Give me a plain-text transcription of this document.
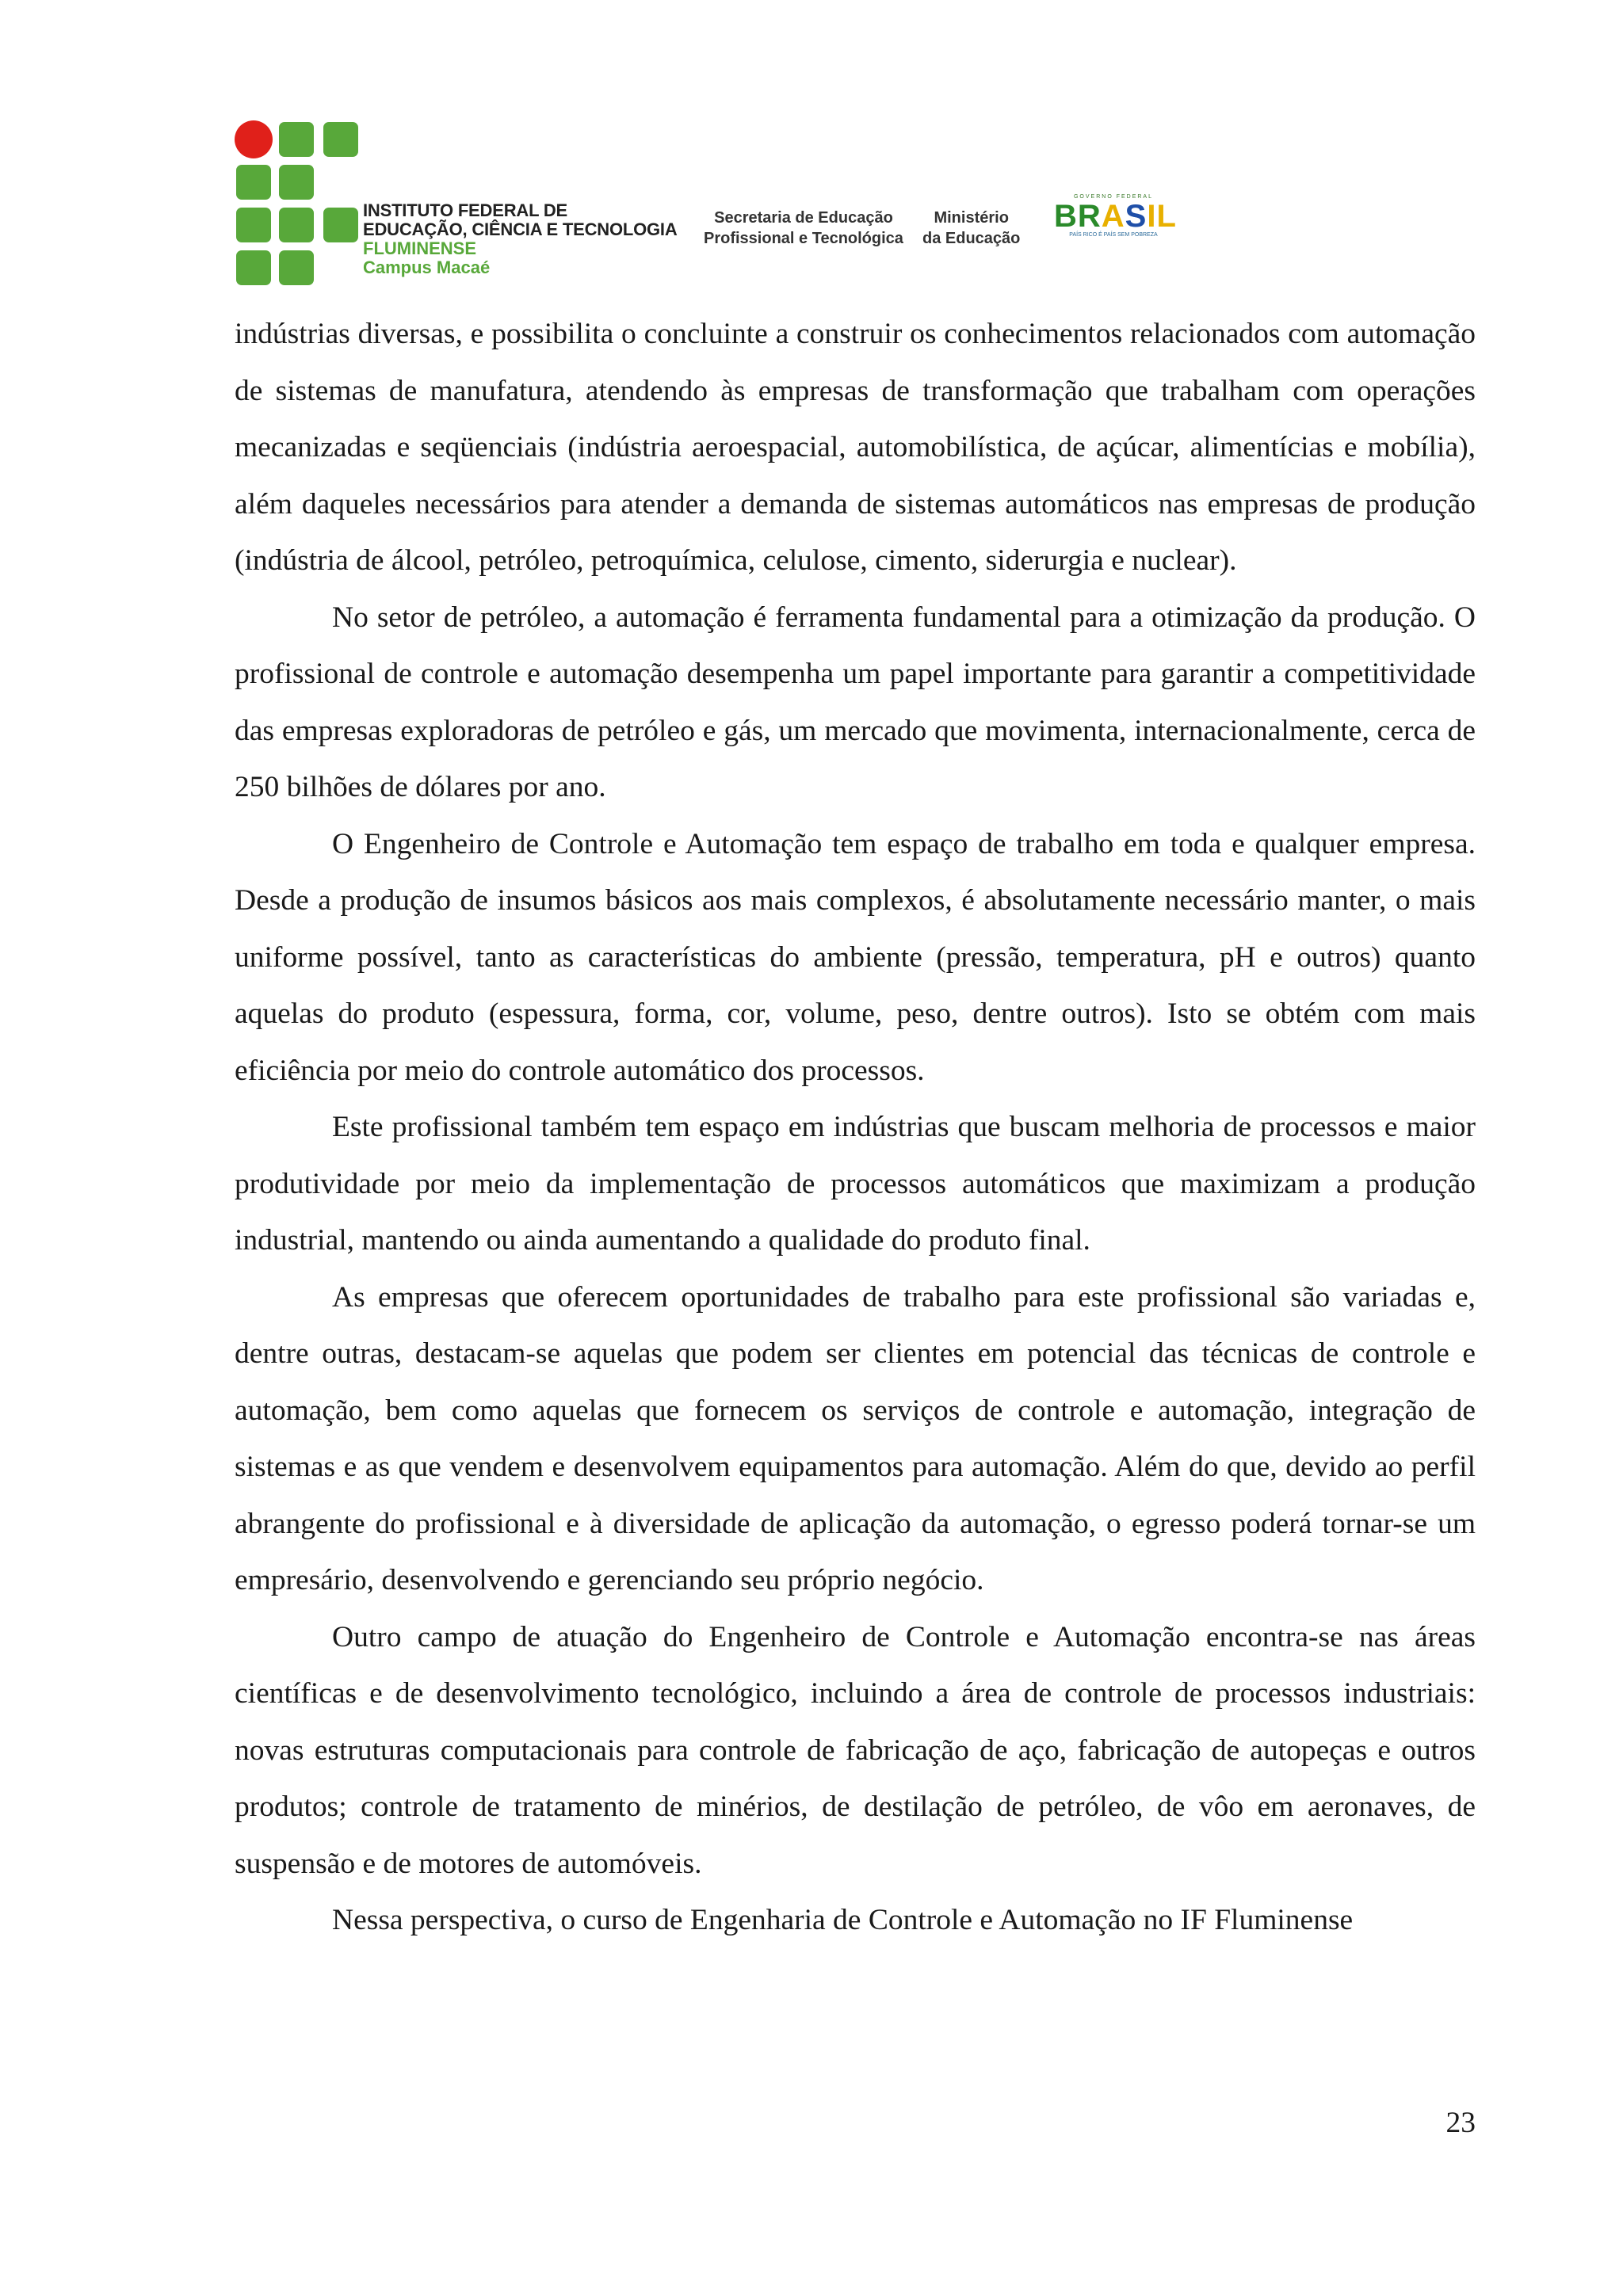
INSTITUTO FEDERAL DE
EDUCAÇÃO, CIÊNCIA E TECNOLOGIA
FLUMINENSE
Campus Macaé
Secretaria de Educação
Profissional e Tecnológica
Ministério
da Educação
GOVERNO FEDERAL
BRASIL
PAÍS RICO É PAÍS SEM POBREZA

indústrias diversas, e possibilita o concluinte a construir os conhecimentos relacionados com automação de sistemas de manufatura, atendendo às empresas de transformação que trabalham com operações mecanizadas e seqüenciais (indústria aeroespacial, automobilística, de açúcar, alimentícias e mobília), além daqueles necessários para atender a demanda de sistemas automáticos nas empresas de produção (indústria de álcool, petróleo, petroquímica, celulose, cimento, siderurgia e nuclear).

No setor de petróleo, a automação é ferramenta fundamental para a otimização da produção. O profissional de controle e automação desempenha um papel importante para garantir a competitividade das empresas exploradoras de petróleo e gás, um mercado que movimenta, internacionalmente, cerca de 250 bilhões de dólares por ano.

O Engenheiro de Controle e Automação tem espaço de trabalho em toda e qualquer empresa. Desde a produção de insumos básicos aos mais complexos, é absolutamente necessário manter, o mais uniforme possível, tanto as características do ambiente (pressão, temperatura, pH e outros) quanto aquelas do produto (espessura, forma, cor, volume, peso, dentre outros). Isto se obtém com mais eficiência por meio do controle automático dos processos.

Este profissional também tem espaço em indústrias que buscam melhoria de processos e maior produtividade por meio da implementação de processos automáticos que maximizam a produção industrial, mantendo ou ainda aumentando a qualidade do produto final.

As empresas que oferecem oportunidades de trabalho para este profissional são variadas e, dentre outras, destacam-se aquelas que podem ser clientes em potencial das técnicas de controle e automação, bem como aquelas que fornecem os serviços de controle e automação, integração de sistemas e as que vendem e desenvolvem equipamentos para automação. Além do que, devido ao perfil abrangente do profissional e à diversidade de aplicação da automação, o egresso poderá tornar-se um empresário, desenvolvendo e gerenciando seu próprio negócio.

Outro campo de atuação do Engenheiro de Controle e Automação encontra-se nas áreas científicas e de desenvolvimento tecnológico, incluindo a área de controle de processos industriais: novas estruturas computacionais para controle de fabricação de aço, fabricação de autopeças e outros produtos; controle de tratamento de minérios, de destilação de petróleo, de vôo em aeronaves, de suspensão e de motores de automóveis.

Nessa perspectiva, o curso de Engenharia de Controle e Automação no IF Fluminense

23
